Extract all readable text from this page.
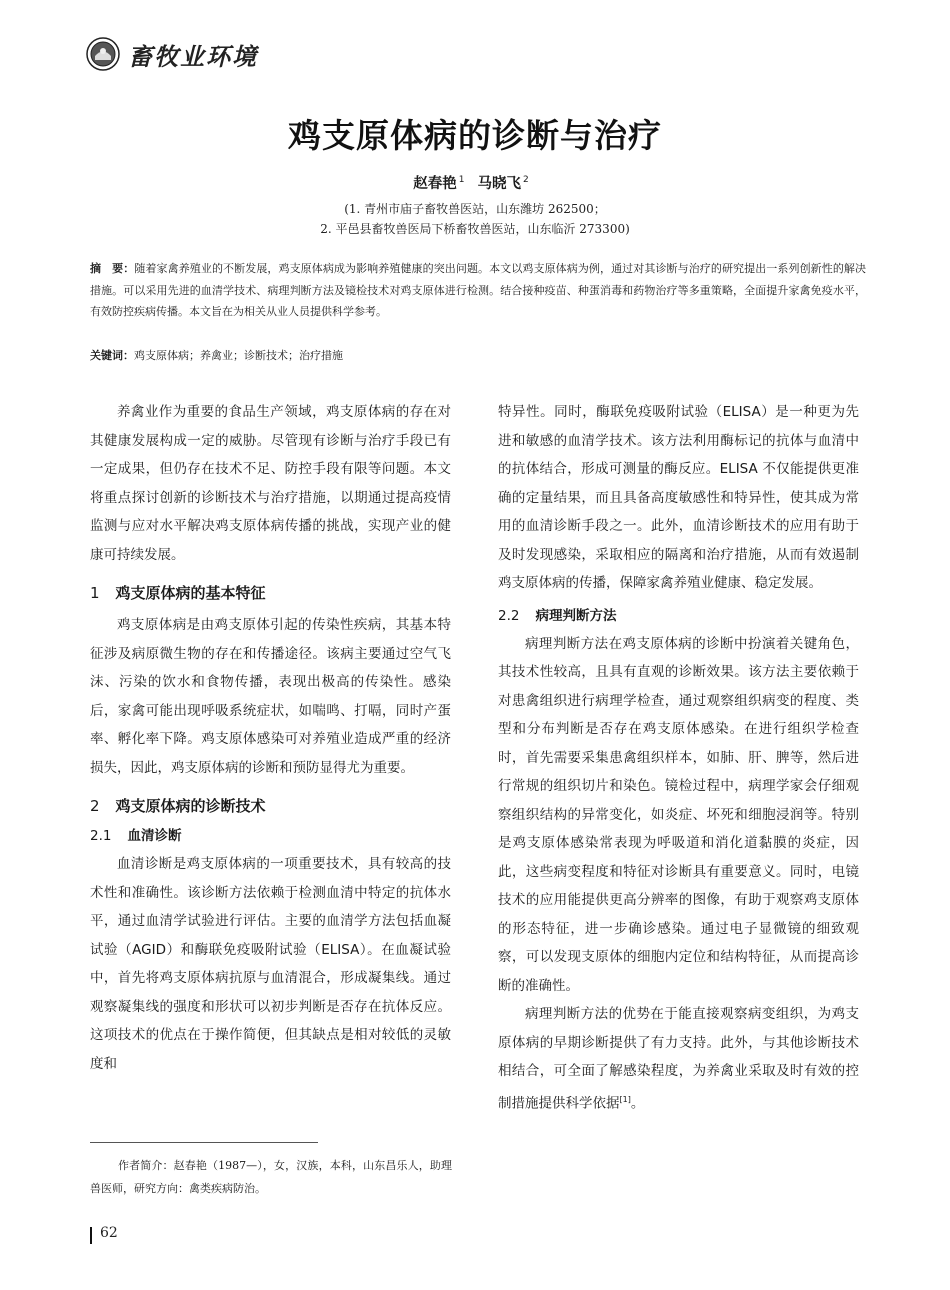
畜牧业环境
鸡支原体病的诊断与治疗
赵春艳 $^1$ 马晓飞 $^2$
(1. 青州市庙子畜牧兽医站，山东潍坊 262500；
2. 平邑县畜牧兽医局下桥畜牧兽医站，山东临沂 273300)
摘　要：随着家禽养殖业的不断发展，鸡支原体病成为影响养殖健康的突出问题。本文以鸡支原体病为例，通过对其诊断与治疗的研究提出一系列创新性的解决措施。可以采用先进的血清学技术、病理判断方法及镜检技术对鸡支原体进行检测。结合接种疫苗、种蛋消毒和药物治疗等多重策略，全面提升家禽免疫水平，有效防控疾病传播。本文旨在为相关从业人员提供科学参考。
关键词：鸡支原体病；养禽业；诊断技术；治疗措施

养禽业作为重要的食品生产领域，鸡支原体病的存在对其健康发展构成一定的威胁。尽管现有诊断与治疗手段已有一定成果，但仍存在技术不足、防控手段有限等问题。本文将重点探讨创新的诊断技术与治疗措施，以期通过提高疫情监测与应对水平解决鸡支原体病传播的挑战，实现产业的健康可持续发展。

1 鸡支原体病的基本特征

鸡支原体病是由鸡支原体引起的传染性疾病，其基本特征涉及病原微生物的存在和传播途径。该病主要通过空气飞沫、污染的饮水和食物传播，表现出极高的传染性。感染后，家禽可能出现呼吸系统症状，如喘鸣、打嗝，同时产蛋率、孵化率下降。鸡支原体感染可对养殖业造成严重的经济损失，因此，鸡支原体病的诊断和预防显得尤为重要。

2 鸡支原体病的诊断技术
2.1 血清诊断

血清诊断是鸡支原体病的一项重要技术，具有较高的技术性和准确性。该诊断方法依赖于检测血清中特定的抗体水平，通过血清学试验进行评估。主要的血清学方法包括血凝试验（AGID）和酶联免疫吸附试验（ELISA）。在血凝试验中，首先将鸡支原体病抗原与血清混合，形成凝集线。通过观察凝集线的强度和形状可以初步判断是否存在抗体反应。这项技术的优点在于操作简便，但其缺点是相对较低的灵敏度和

特异性。同时，酶联免疫吸附试验（ELISA）是一种更为先进和敏感的血清学技术。该方法利用酶标记的抗体与血清中的抗体结合，形成可测量的酶反应。ELISA 不仅能提供更准确的定量结果，而且具备高度敏感性和特异性，使其成为常用的血清诊断手段之一。此外，血清诊断技术的应用有助于及时发现感染，采取相应的隔离和治疗措施，从而有效遏制鸡支原体病的传播，保障家禽养殖业健康、稳定发展。

2.2 病理判断方法

病理判断方法在鸡支原体病的诊断中扮演着关键角色，其技术性较高，且具有直观的诊断效果。该方法主要依赖于对患禽组织进行病理学检查，通过观察组织病变的程度、类型和分布判断是否存在鸡支原体感染。在进行组织学检查时，首先需要采集患禽组织样本，如肺、肝、脾等，然后进行常规的组织切片和染色。镜检过程中，病理学家会仔细观察组织结构的异常变化，如炎症、坏死和细胞浸润等。特别是鸡支原体感染常表现为呼吸道和消化道黏膜的炎症，因此，这些病变程度和特征对诊断具有重要意义。同时，电镜技术的应用能提供更高分辨率的图像，有助于观察鸡支原体的形态特征，进一步确诊感染。通过电子显微镜的细致观察，可以发现支原体的细胞内定位和结构特征，从而提高诊断的准确性。

病理判断方法的优势在于能直接观察病变组织，为鸡支原体病的早期诊断提供了有力支持。此外，与其他诊断技术相结合，可全面了解感染程度，为养禽业采取及时有效的控制措施提供科学依据[1]。

作者简介：赵春艳（1987—），女，汉族，本科，山东昌乐人，助理兽医师，研究方向：禽类疾病防治。
62
